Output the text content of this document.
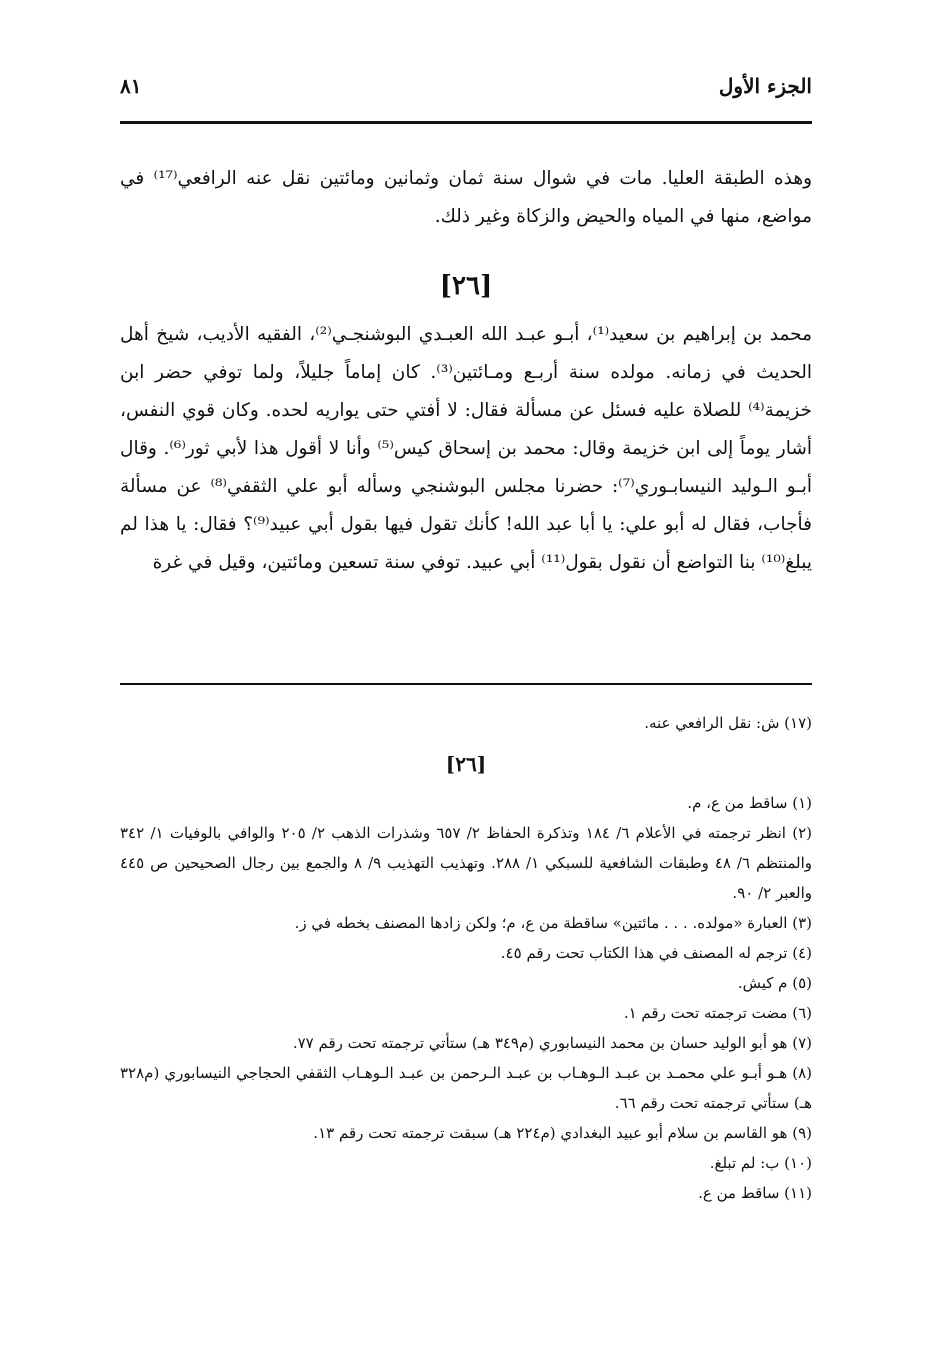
الجزء الأول
٨١

وهذه الطبقة العليا. مات في شوال سنة ثمان وثمانين ومائتين نقل عنه الرافعي⁽¹⁷⁾ في مواضع، منها في المياه والحيض والزكاة وغير ذلك.

[٢٦]

محمد بن إبراهيم بن سعيد⁽¹⁾، أبـو عبـد الله العبـدي البوشنجـي⁽²⁾، الفقيه الأديب، شيخ أهل الحديث في زمانه. مولده سنة أربـع ومـائتين⁽³⁾. كان إماماً جليلاً، ولما توفي حضر ابن خزيمة⁽⁴⁾ للصلاة عليه فسئل عن مسألة فقال: لا أفتي حتى يواريه لحده. وكان قوي النفس، أشار يوماً إلى ابن خزيمة وقال: محمد بن إسحاق كيس⁽⁵⁾ وأنا لا أقول هذا لأبي ثور⁽⁶⁾. وقال أبـو الـوليد النيسابـوري⁽⁷⁾: حضرنا مجلس البوشنجي وسأله أبو علي الثقفي⁽⁸⁾ عن مسألة فأجاب، فقال له أبو علي: يا أبا عبد الله! كأنك تقول فيها بقول أبي عبيد⁽⁹⁾؟ فقال: يا هذا لم يبلغ⁽¹⁰⁾ بنا التواضع أن نقول بقول⁽¹¹⁾ أبي عبيد. توفي سنة تسعين ومائتين، وقيل في غرة

(١٧) ش: نقل الرافعي عنه.

[٢٦]

(١) ساقط من ع، م.

(٢) انظر ترجمته في الأعلام ٦/ ١٨٤ وتذكرة الحفاظ ٢/ ٦٥٧ وشذرات الذهب ٢/ ٢٠٥ والوافي بالوفيات ١/ ٣٤٢ والمنتظم ٦/ ٤٨ وطبقات الشافعية للسبكي ١/ ٢٨٨. وتهذيب التهذيب ٩/ ٨ والجمع بين رجال الصحيحين ص ٤٤٥ والعبر ٢/ ٩٠.

(٣) العبارة «مولده. . . . مائتين» ساقطة من ع، م؛ ولكن زادها المصنف بخطه في ز.

(٤) ترجم له المصنف في هذا الكتاب تحت رقم ٤٥.

(٥) م كيش.

(٦) مضت ترجمته تحت رقم ١.

(٧) هو أبو الوليد حسان بن محمد النيسابوري (م٣٤٩ هـ) ستأتي ترجمته تحت رقم ٧٧.

(٨) هـو أبـو علي محمـد بن عبـد الـوهـاب بن عبـد الـرحمن بن عبـد الـوهـاب الثقفي الحجاجي النيسابوري (م٣٢٨ هـ) ستأتي ترجمته تحت رقم ٦٦.

(٩) هو القاسم بن سلام أبو عبيد البغدادي (م٢٢٤ هـ) سبقت ترجمته تحت رقم ١٣.

(١٠) ب: لم تبلغ.

(١١) ساقط من ع.
